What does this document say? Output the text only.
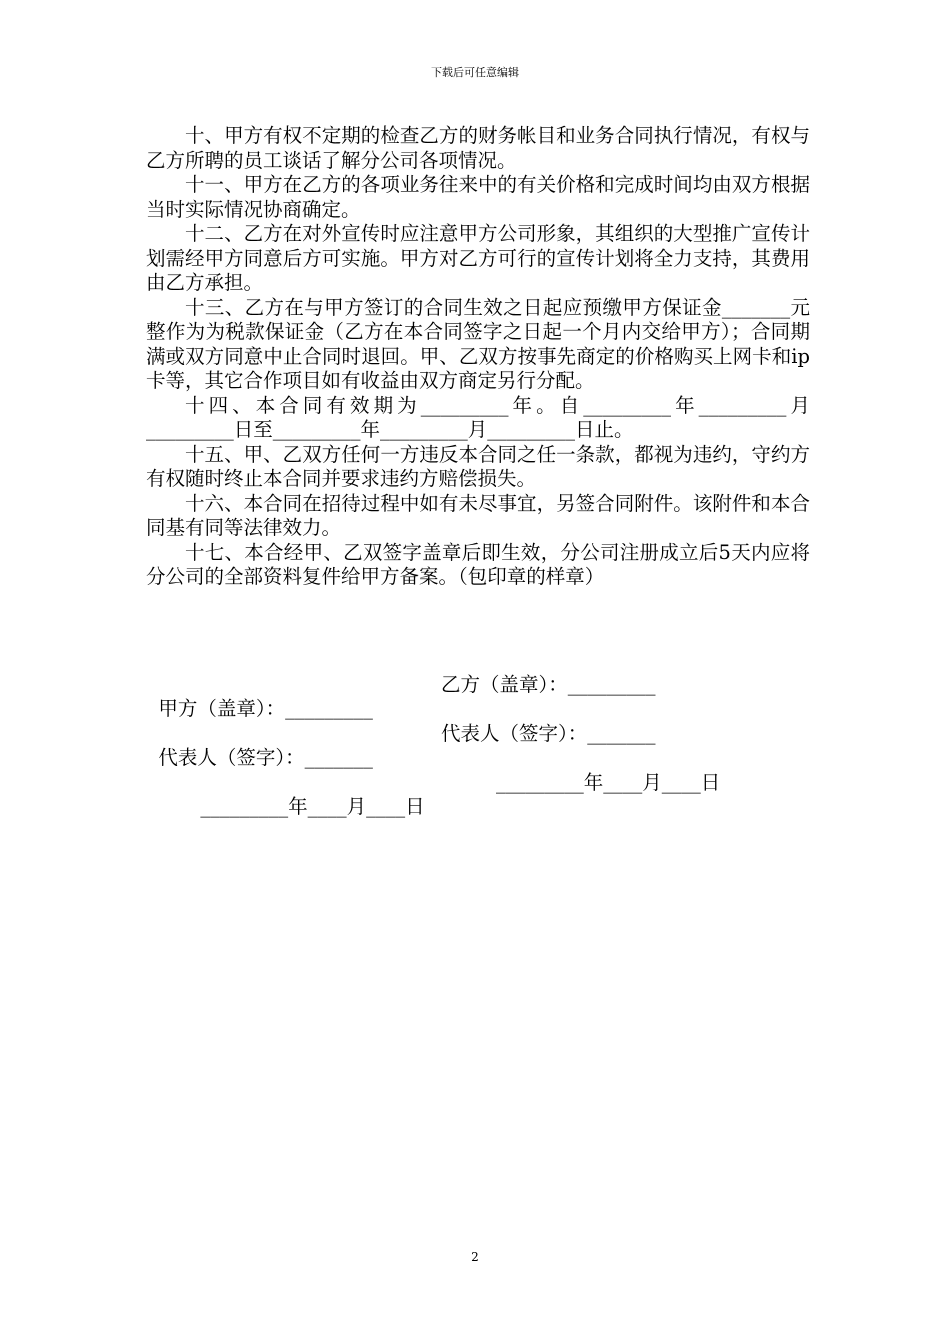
下载后可任意编辑

十、甲方有权不定期的检查乙方的财务帐目和业务合同执行情况，有权与乙方所聘的员工谈话了解分公司各项情况。

十一、甲方在乙方的各项业务往来中的有关价格和完成时间均由双方根据当时实际情况协商确定。

十二、乙方在对外宣传时应注意甲方公司形象，其组织的大型推广宣传计划需经甲方同意后方可实施。甲方对乙方可行的宣传计划将全力支持，其费用由乙方承担。

十三、乙方在与甲方签订的合同生效之日起应预缴甲方保证金_______元整作为为税款保证金（乙方在本合同签字之日起一个月内交给甲方）；合同期满或双方同意中止合同时退回。甲、乙双方按事先商定的价格购买上网卡和ip卡等，其它合作项目如有收益由双方商定另行分配。

十四、本合同有效期为_________年。自_________年_________月_________日至_________年_________月_________日止。

十五、甲、乙双方任何一方违反本合同之任一条款，都视为违约，守约方有权随时终止本合同并要求违约方赔偿损失。

十六、本合同在招待过程中如有未尽事宜，另签合同附件。该附件和本合同基有同等法律效力。

十七、本合经甲、乙双签字盖章后即生效，分公司注册成立后5天内应将分公司的全部资料复件给甲方备案。（包印章的样章）

甲方（盖章）：_________

乙方（盖章）：_________

代表人（签字）：_______

代表人（签字）：_______

_________年____月____日

_________年____月____日

2
